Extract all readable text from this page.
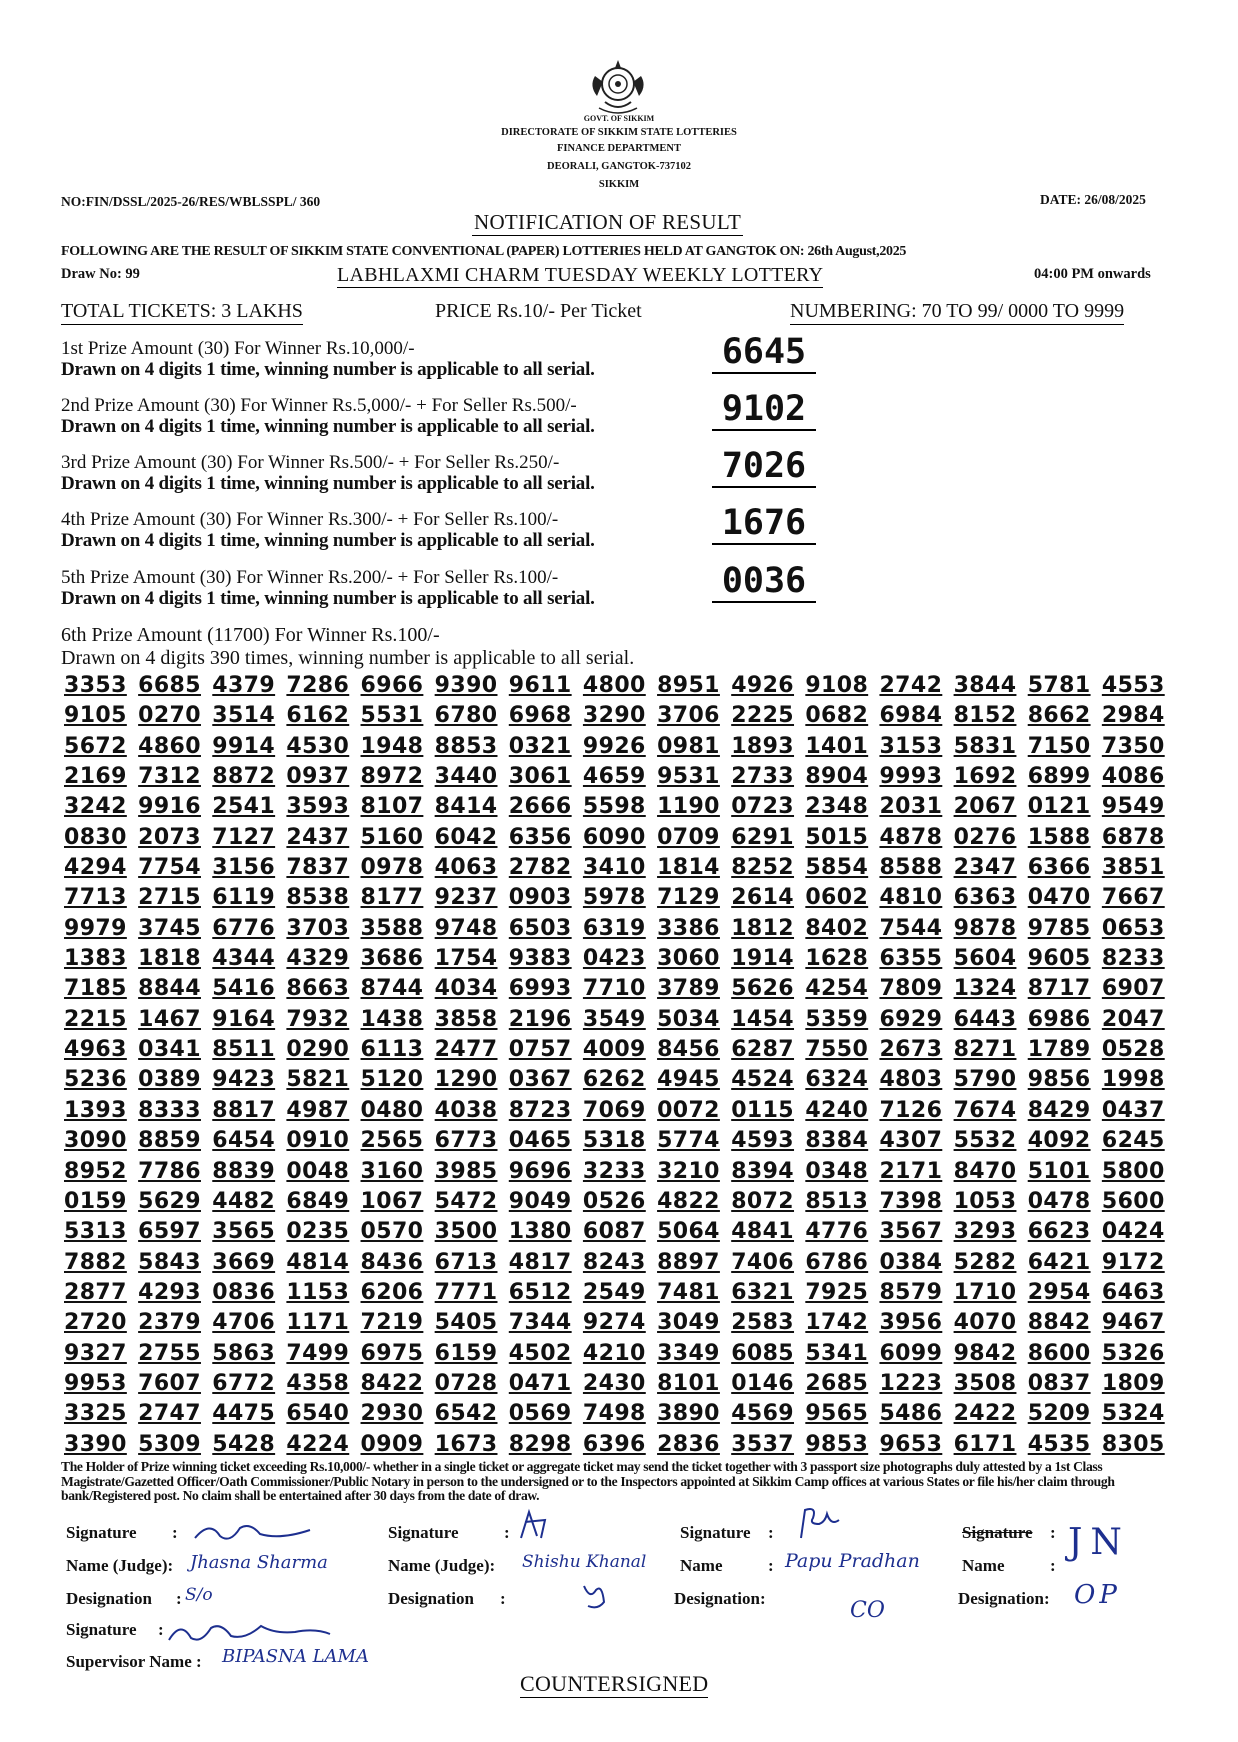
GOVT. OF SIKKIM
DIRECTORATE OF SIKKIM STATE LOTTERIES
FINANCE DEPARTMENT
DEORALI, GANGTOK-737102
SIKKIM
NO:FIN/DSSL/2025-26/RES/WBLSSPL/ 360	DATE: 26/08/2025
NOTIFICATION OF RESULT
FOLLOWING ARE THE RESULT OF SIKKIM STATE CONVENTIONAL (PAPER) LOTTERIES HELD AT GANGTOK ON: 26th August,2025
Draw No: 99	LABHLAXMI CHARM TUESDAY WEEKLY LOTTERY	04:00 PM onwards
TOTAL TICKETS: 3 LAKHS	PRICE Rs.10/- Per Ticket	NUMBERING: 70 TO 99/ 0000 TO 9999
1st Prize Amount (30) For Winner Rs.10,000/-
Drawn on 4 digits 1 time, winning number is applicable to all serial.	6645
2nd Prize Amount (30) For Winner Rs.5,000/- + For Seller Rs.500/-
Drawn on 4 digits 1 time, winning number is applicable to all serial.	9102
3rd Prize Amount (30) For Winner Rs.500/- + For Seller Rs.250/-
Drawn on 4 digits 1 time, winning number is applicable to all serial.	7026
4th Prize Amount (30) For Winner Rs.300/- + For Seller Rs.100/-
Drawn on 4 digits 1 time, winning number is applicable to all serial.	1676
5th Prize Amount (30) For Winner Rs.200/- + For Seller Rs.100/-
Drawn on 4 digits 1 time, winning number is applicable to all serial.	0036
6th Prize Amount (11700) For Winner Rs.100/-
Drawn on 4 digits 390 times, winning number is applicable to all serial.
3353 6685 4379 7286 6966 9390 9611 4800 8951 4926 9108 2742 3844 5781 4553
9105 0270 3514 6162 5531 6780 6968 3290 3706 2225 0682 6984 8152 8662 2984
5672 4860 9914 4530 1948 8853 0321 9926 0981 1893 1401 3153 5831 7150 7350
2169 7312 8872 0937 8972 3440 3061 4659 9531 2733 8904 9993 1692 6899 4086
3242 9916 2541 3593 8107 8414 2666 5598 1190 0723 2348 2031 2067 0121 9549
0830 2073 7127 2437 5160 6042 6356 6090 0709 6291 5015 4878 0276 1588 6878
4294 7754 3156 7837 0978 4063 2782 3410 1814 8252 5854 8588 2347 6366 3851
7713 2715 6119 8538 8177 9237 0903 5978 7129 2614 0602 4810 6363 0470 7667
9979 3745 6776 3703 3588 9748 6503 6319 3386 1812 8402 7544 9878 9785 0653
1383 1818 4344 4329 3686 1754 9383 0423 3060 1914 1628 6355 5604 9605 8233
7185 8844 5416 8663 8744 4034 6993 7710 3789 5626 4254 7809 1324 8717 6907
2215 1467 9164 7932 1438 3858 2196 3549 5034 1454 5359 6929 6443 6986 2047
4963 0341 8511 0290 6113 2477 0757 4009 8456 6287 7550 2673 8271 1789 0528
5236 0389 9423 5821 5120 1290 0367 6262 4945 4524 6324 4803 5790 9856 1998
1393 8333 8817 4987 0480 4038 8723 7069 0072 0115 4240 7126 7674 8429 0437
3090 8859 6454 0910 2565 6773 0465 5318 5774 4593 8384 4307 5532 4092 6245
8952 7786 8839 0048 3160 3985 9696 3233 3210 8394 0348 2171 8470 5101 5800
0159 5629 4482 6849 1067 5472 9049 0526 4822 8072 8513 7398 1053 0478 5600
5313 6597 3565 0235 0570 3500 1380 6087 5064 4841 4776 3567 3293 6623 0424
7882 5843 3669 4814 8436 6713 4817 8243 8897 7406 6786 0384 5282 6421 9172
2877 4293 0836 1153 6206 7771 6512 2549 7481 6321 7925 8579 1710 2954 6463
2720 2379 4706 1171 7219 5405 7344 9274 3049 2583 1742 3956 4070 8842 9467
9327 2755 5863 7499 6975 6159 4502 4210 3349 6085 5341 6099 9842 8600 5326
9953 7607 6772 4358 8422 0728 0471 2430 8101 0146 2685 1223 3508 0837 1809
3325 2747 4475 6540 2930 6542 0569 7498 3890 4569 9565 5486 2422 5209 5324
3390 5309 5428 4224 0909 1673 8298 6396 2836 3537 9853 9653 6171 4535 8305
The Holder of Prize winning ticket exceeding Rs.10,000/- whether in a single ticket or aggregate ticket may send the ticket together with 3 passport size photographs duly attested by a 1st Class Magistrate/Gazetted Officer/Oath Commissioner/Public Notary in person to the undersigned or to the Inspectors appointed at Sikkim Camp offices at various States or file his/her claim through bank/Registered post. No claim shall be entertained after 30 days from the date of draw.
Signature :
Name (Judge): Jhasna Sharma
Designation : S/o
Signature :
Supervisor Name : BIPASNA LAMA
Signature	:
Name (Judge): Shishu Khanal
Designation :
Signature :
Name	: Papu Pradhan
Designation:	CO
Signature :
Name	:
JN
Designation: OP
COUNTERSIGNED
